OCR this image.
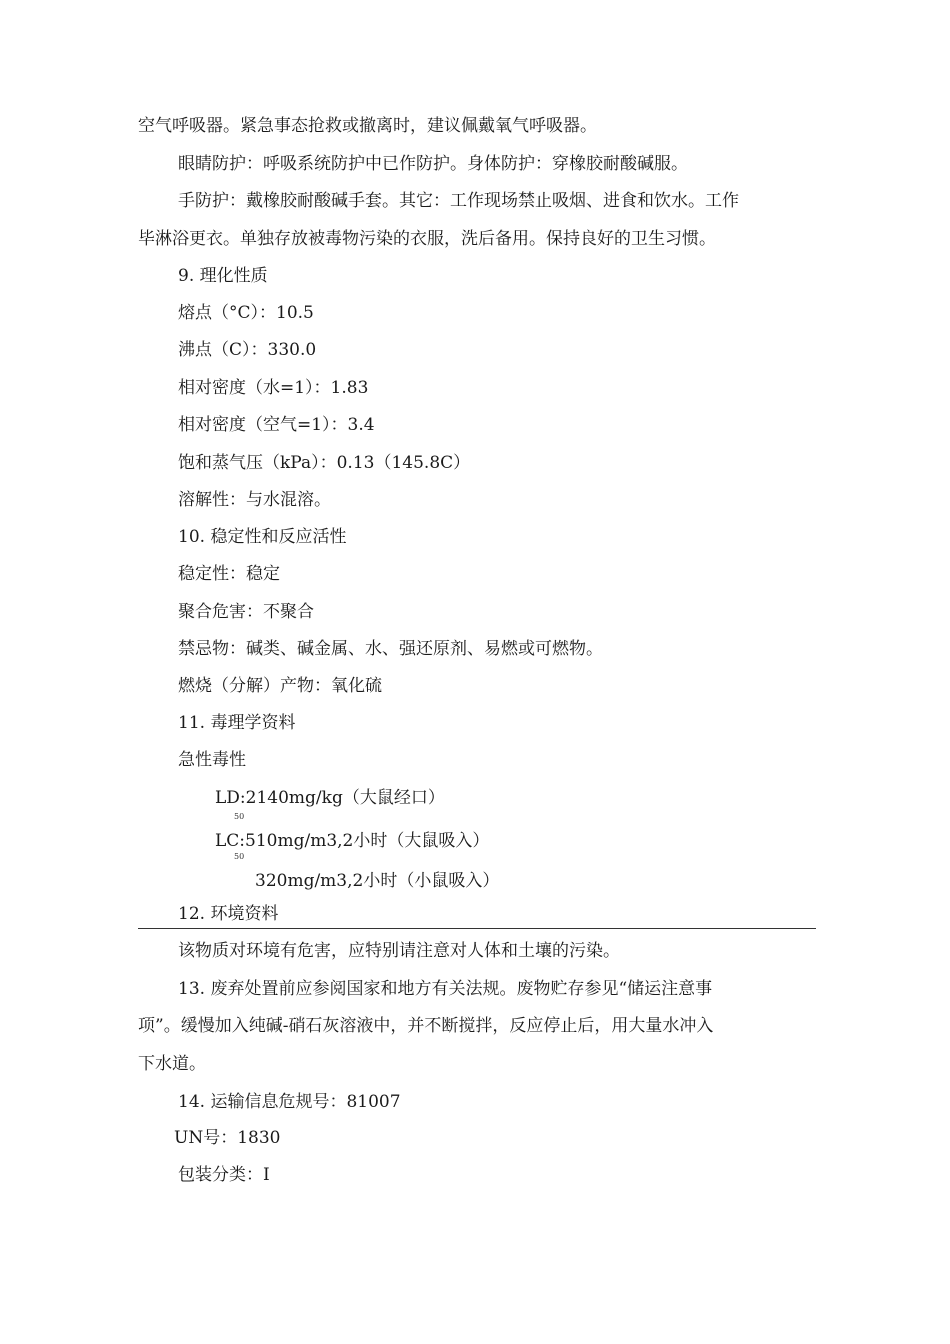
空气呼吸器。紧急事态抢救或撤离时，建议佩戴氧气呼吸器。
眼睛防护：呼吸系统防护中已作防护。身体防护：穿橡胶耐酸碱服。
手防护：戴橡胶耐酸碱手套。其它：工作现场禁止吸烟、进食和饮水。工作
毕淋浴更衣。单独存放被毒物污染的衣服，洗后备用。保持良好的卫生习惯。
9. 理化性质
熔点（°C）：10.5
沸点（C）：330.0
相对密度（水=1）：1.83
相对密度（空气=1）：3.4
饱和蒸气压（kPa）：0.13（145.8C）
溶解性：与水混溶。
10. 稳定性和反应活性
稳定性：稳定
聚合危害：不聚合
禁忌物：碱类、碱金属、水、强还原剂、易燃或可燃物。
燃烧（分解）产物：氧化硫
11. 毒理学资料
急性毒性
LD:2140mg/kg（大鼠经口）
50
LC:510mg/m3,2小时（大鼠吸入）
50
320mg/m3,2小时（小鼠吸入）
12. 环境资料
该物质对环境有危害，应特别请注意对人体和土壤的污染。
13. 废弃处置前应参阅国家和地方有关法规。废物贮存参见“储运注意事
项”。缓慢加入纯碱-硝石灰溶液中，并不断搅拌，反应停止后，用大量水冲入
下水道。
14. 运输信息危规号：81007
UN号：1830
包装分类：I
